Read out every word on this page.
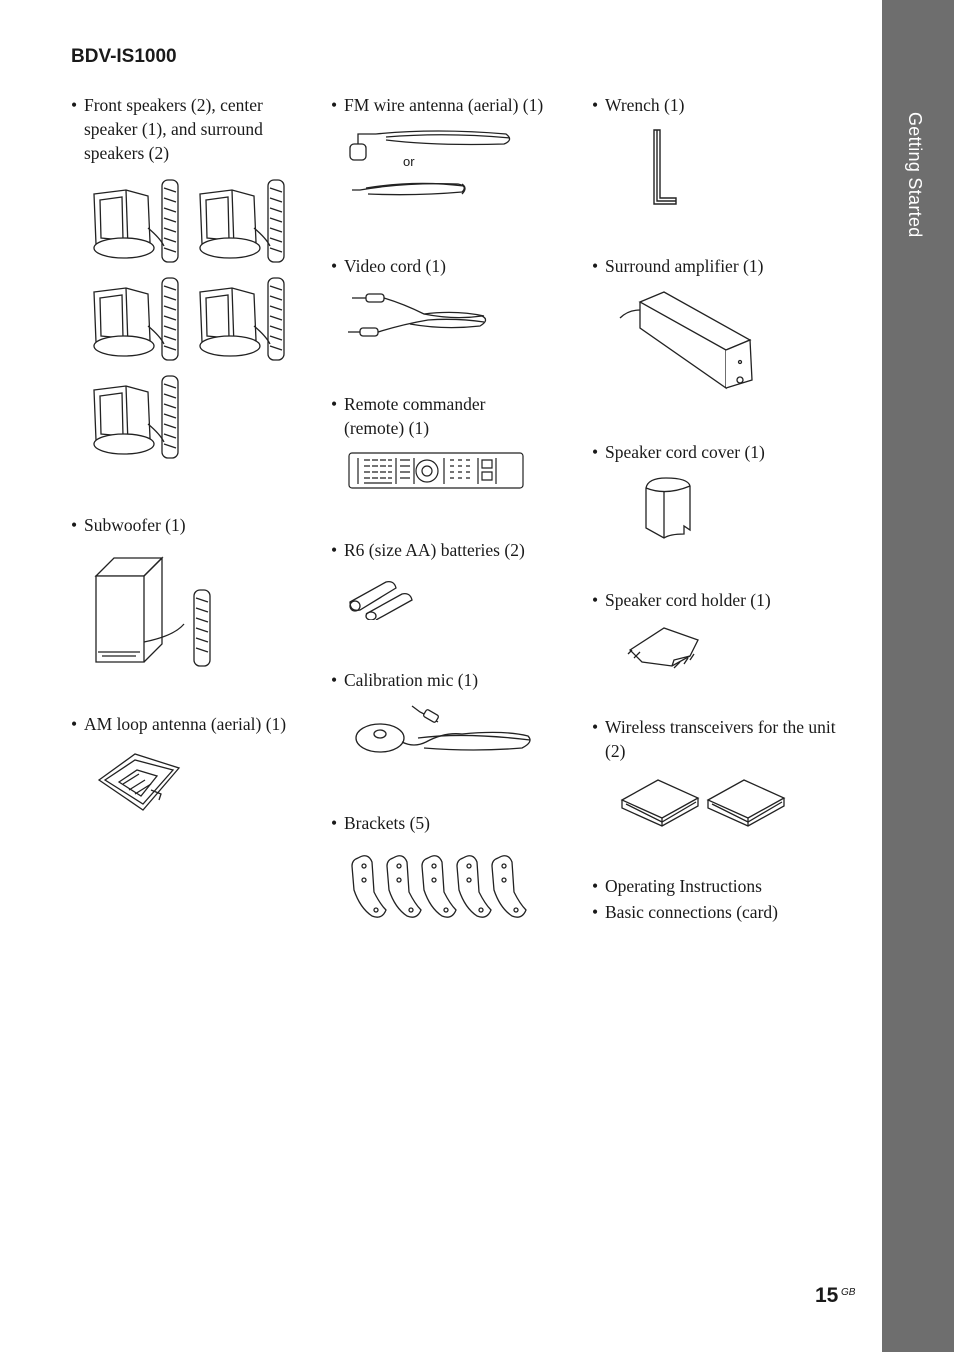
Getting Started
BDV-IS1000
• Front speakers (2), center speaker (1), and surround speakers (2)
• Subwoofer (1)
• AM loop antenna (aerial) (1)
• FM wire antenna (aerial) (1)
or
• Video cord (1)
• Remote commander (remote) (1)
• R6 (size AA) batteries (2)
• Calibration mic (1)
• Brackets (5)
• Wrench (1)
• Surround amplifier (1)
• Speaker cord cover (1)
• Speaker cord holder (1)
• Wireless transceivers for the unit (2)
• Operating Instructions
• Basic connections (card)
15 GB
